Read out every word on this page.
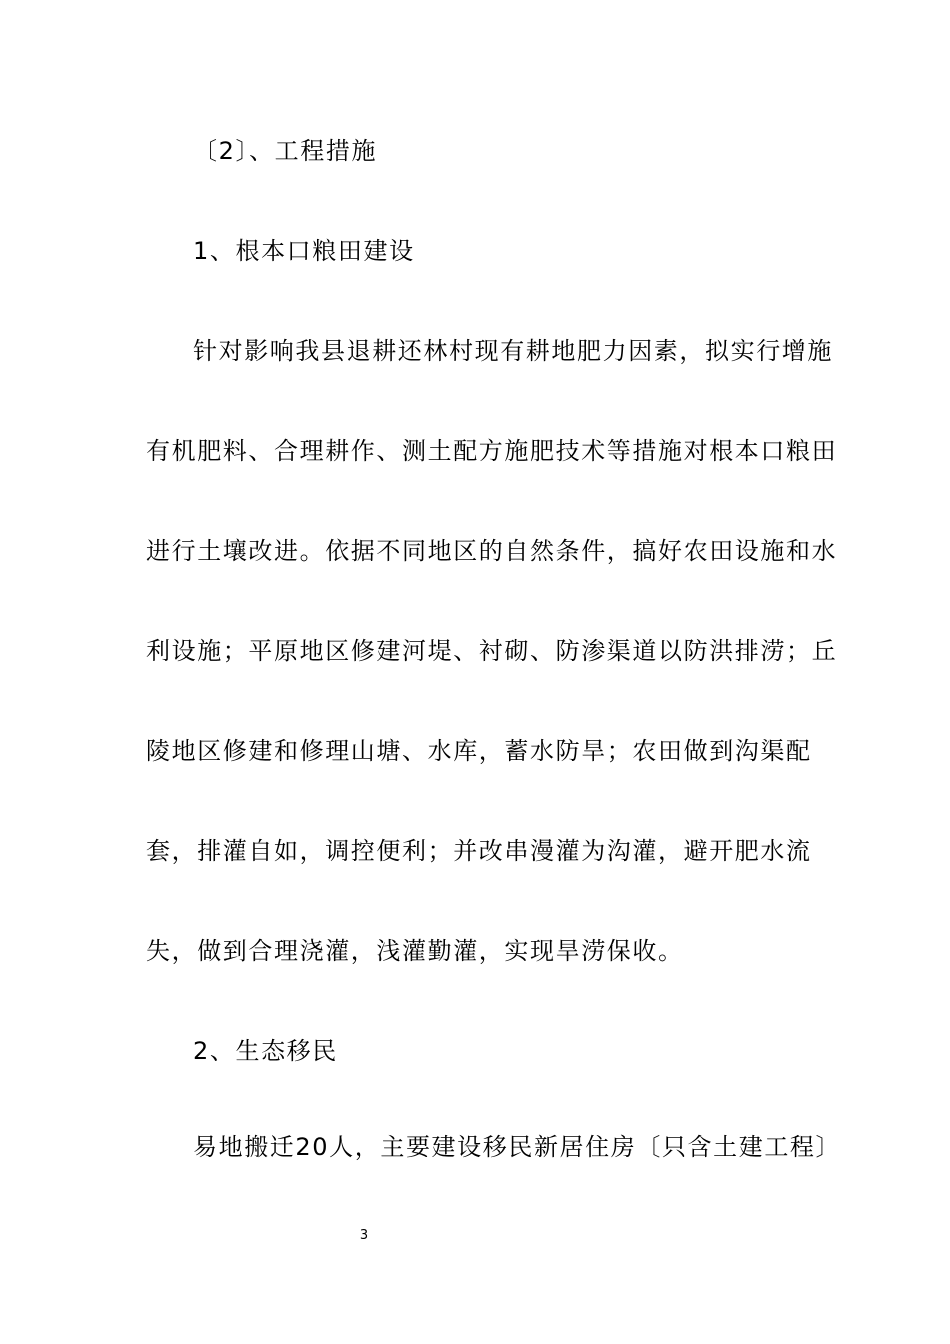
〔2〕、工程措施
1、根本口粮田建设
针对影响我县退耕还林村现有耕地肥力因素，拟实行增施
有机肥料、合理耕作、测土配方施肥技术等措施对根本口粮田
进行土壤改进。依据不同地区的自然条件，搞好农田设施和水
利设施；平原地区修建河堤、衬砌、防渗渠道以防洪排涝；丘
陵地区修建和修理山塘、水库，蓄水防旱；农田做到沟渠配
套，排灌自如，调控便利；并改串漫灌为沟灌，避开肥水流
失，做到合理浇灌，浅灌勤灌，实现旱涝保收。
2、生态移民
易地搬迁20人，主要建设移民新居住房〔只含土建工程〕
3
